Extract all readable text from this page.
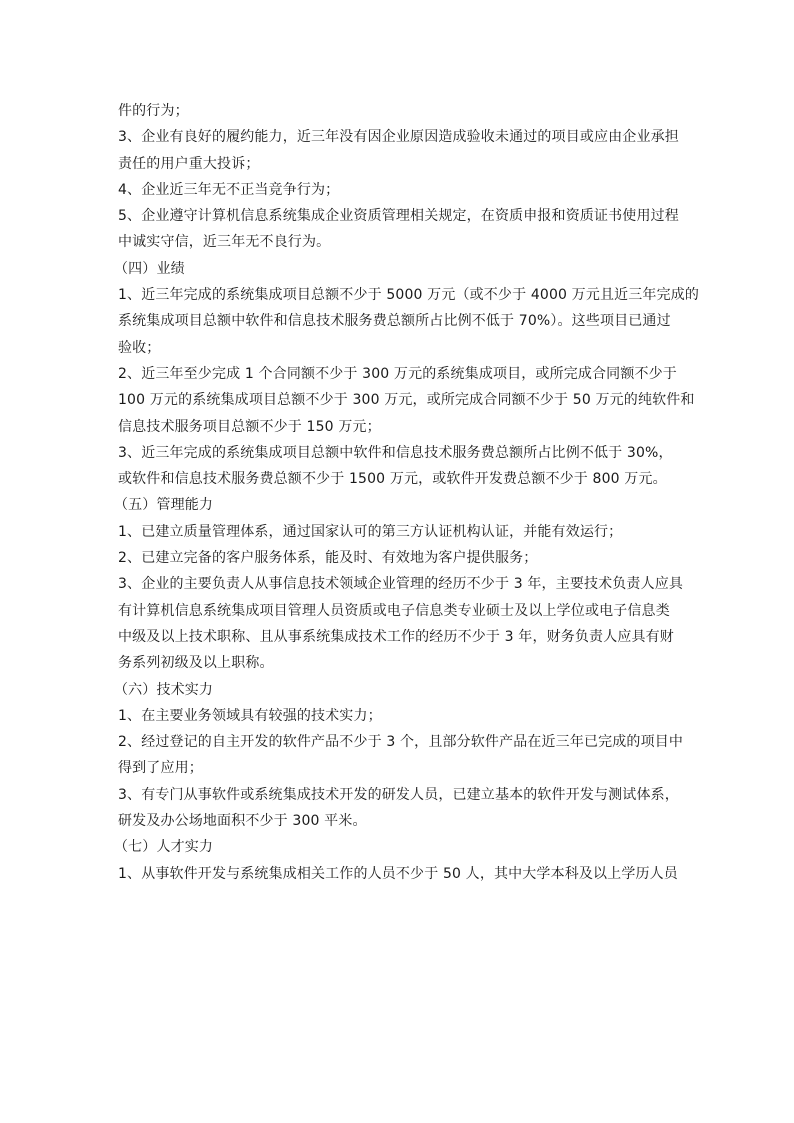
件的行为；
3、企业有良好的履约能力，近三年没有因企业原因造成验收未通过的项目或应由企业承担
责任的用户重大投诉；
4、企业近三年无不正当竞争行为；
5、企业遵守计算机信息系统集成企业资质管理相关规定，在资质申报和资质证书使用过程
中诚实守信，近三年无不良行为。
（四）业绩
1、近三年完成的系统集成项目总额不少于 5000 万元（或不少于 4000 万元且近三年完成的
系统集成项目总额中软件和信息技术服务费总额所占比例不低于 70%）。这些项目已通过
验收；
2、近三年至少完成 1 个合同额不少于 300 万元的系统集成项目，或所完成合同额不少于
100 万元的系统集成项目总额不少于 300 万元，或所完成合同额不少于 50 万元的纯软件和
信息技术服务项目总额不少于 150 万元；
3、近三年完成的系统集成项目总额中软件和信息技术服务费总额所占比例不低于 30%，
或软件和信息技术服务费总额不少于 1500 万元，或软件开发费总额不少于 800 万元。
（五）管理能力
1、已建立质量管理体系，通过国家认可的第三方认证机构认证，并能有效运行；
2、已建立完备的客户服务体系，能及时、有效地为客户提供服务；
3、企业的主要负责人从事信息技术领域企业管理的经历不少于 3 年，主要技术负责人应具
有计算机信息系统集成项目管理人员资质或电子信息类专业硕士及以上学位或电子信息类
中级及以上技术职称、且从事系统集成技术工作的经历不少于 3 年，财务负责人应具有财
务系列初级及以上职称。
（六）技术实力
1、在主要业务领域具有较强的技术实力；
2、经过登记的自主开发的软件产品不少于 3 个，且部分软件产品在近三年已完成的项目中
得到了应用；
3、有专门从事软件或系统集成技术开发的研发人员，已建立基本的软件开发与测试体系，
研发及办公场地面积不少于 300 平米。
（七）人才实力
1、从事软件开发与系统集成相关工作的人员不少于 50 人，其中大学本科及以上学历人员
